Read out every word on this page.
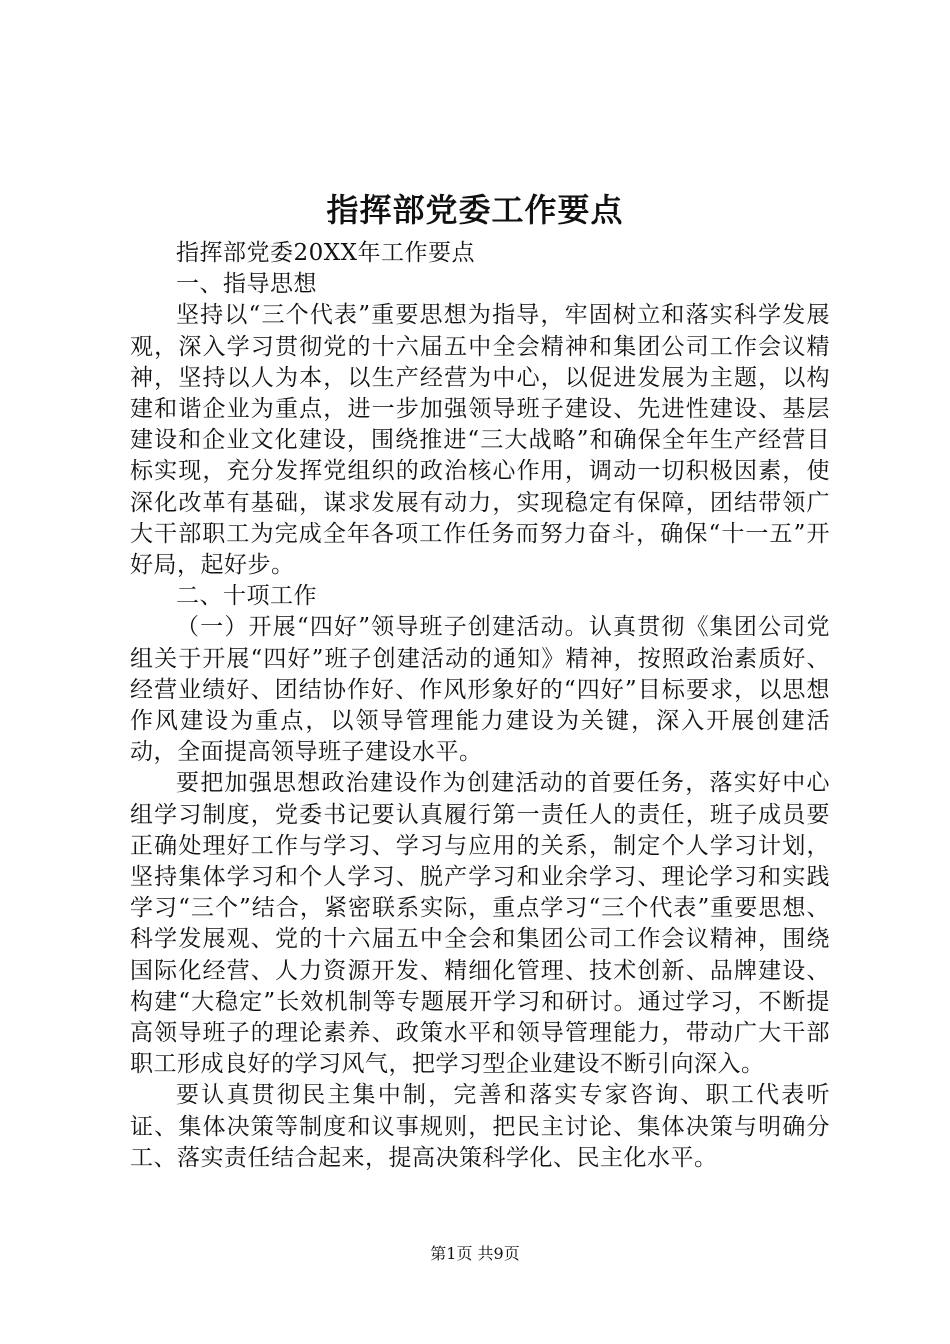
指挥部党委工作要点

指挥部党委20XX年工作要点

一、指导思想

坚持以“三个代表”重要思想为指导，牢固树立和落实科学发展观，深入学习贯彻党的十六届五中全会精神和集团公司工作会议精神，坚持以人为本，以生产经营为中心，以促进发展为主题，以构建和谐企业为重点，进一步加强领导班子建设、先进性建设、基层建设和企业文化建设，围绕推进“三大战略”和确保全年生产经营目标实现，充分发挥党组织的政治核心作用，调动一切积极因素，使深化改革有基础，谋求发展有动力，实现稳定有保障，团结带领广大干部职工为完成全年各项工作任务而努力奋斗，确保“十一五”开好局，起好步。

二、十项工作

（一）开展“四好”领导班子创建活动。认真贯彻《集团公司党组关于开展“四好”班子创建活动的通知》精神，按照政治素质好、经营业绩好、团结协作好、作风形象好的“四好”目标要求，以思想作风建设为重点，以领导管理能力建设为关键，深入开展创建活动，全面提高领导班子建设水平。

要把加强思想政治建设作为创建活动的首要任务，落实好中心组学习制度，党委书记要认真履行第一责任人的责任，班子成员要正确处理好工作与学习、学习与应用的关系，制定个人学习计划，坚持集体学习和个人学习、脱产学习和业余学习、理论学习和实践学习“三个”结合，紧密联系实际，重点学习“三个代表”重要思想、科学发展观、党的十六届五中全会和集团公司工作会议精神，围绕国际化经营、人力资源开发、精细化管理、技术创新、品牌建设、构建“大稳定”长效机制等专题展开学习和研讨。通过学习，不断提高领导班子的理论素养、政策水平和领导管理能力，带动广大干部职工形成良好的学习风气，把学习型企业建设不断引向深入。

要认真贯彻民主集中制，完善和落实专家咨询、职工代表听证、集体决策等制度和议事规则，把民主讨论、集体决策与明确分工、落实责任结合起来，提高决策科学化、民主化水平。

第1页 共9页
